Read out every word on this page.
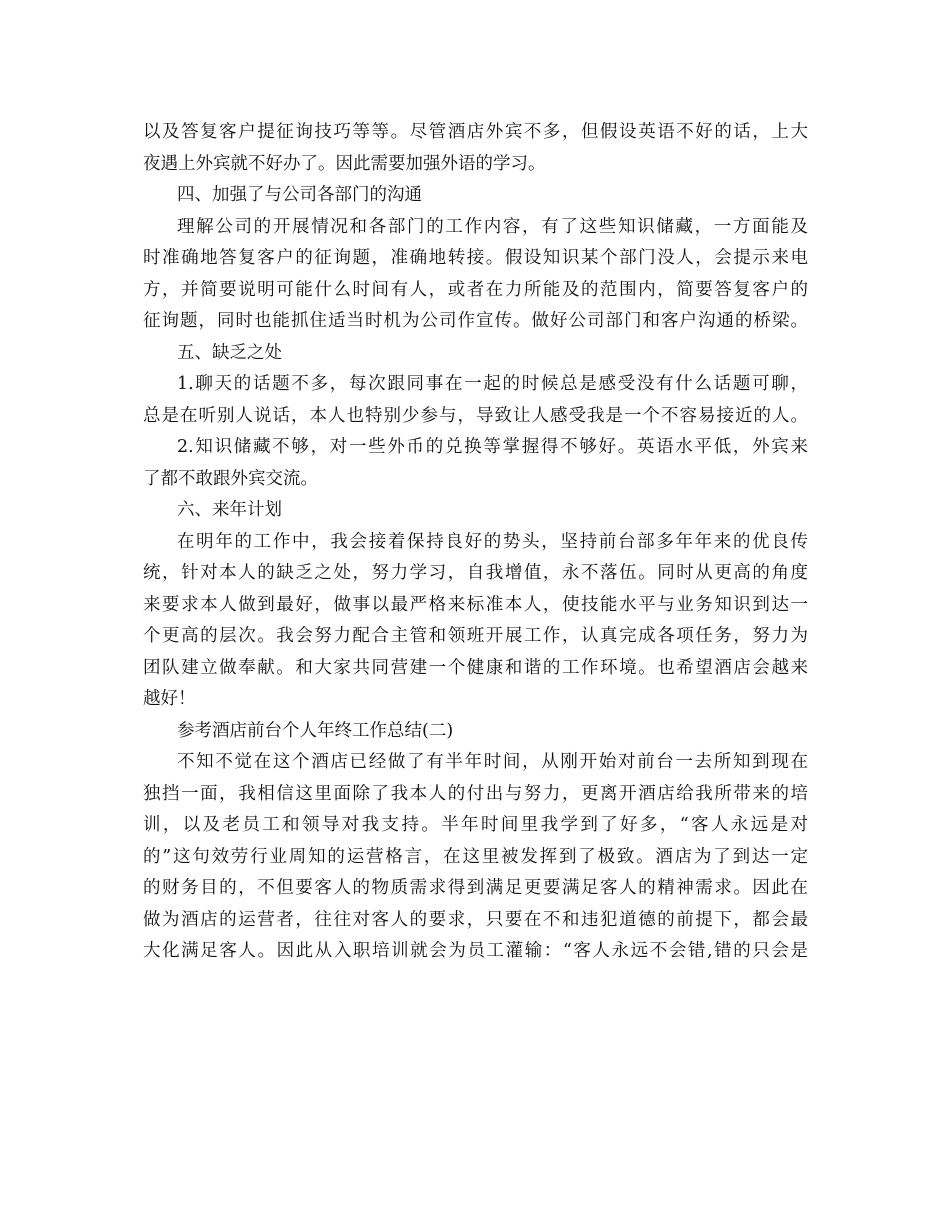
以及答复客户提征询技巧等等。尽管酒店外宾不多，但假设英语不好的话，上大
夜遇上外宾就不好办了。因此需要加强外语的学习。
四、加强了与公司各部门的沟通
理解公司的开展情况和各部门的工作内容，有了这些知识储藏，一方面能及
时准确地答复客户的征询题，准确地转接。假设知识某个部门没人，会提示来电
方，并简要说明可能什么时间有人，或者在力所能及的范围内，简要答复客户的
征询题，同时也能抓住适当时机为公司作宣传。做好公司部门和客户沟通的桥梁。
五、缺乏之处
1.聊天的话题不多，每次跟同事在一起的时候总是感受没有什么话题可聊，
总是在听别人说话，本人也特别少参与，导致让人感受我是一个不容易接近的人。
2.知识储藏不够，对一些外币的兑换等掌握得不够好。英语水平低，外宾来
了都不敢跟外宾交流。
六、来年计划
在明年的工作中，我会接着保持良好的势头，坚持前台部多年年来的优良传
统，针对本人的缺乏之处，努力学习，自我增值，永不落伍。同时从更高的角度
来要求本人做到最好，做事以最严格来标准本人，使技能水平与业务知识到达一
个更高的层次。我会努力配合主管和领班开展工作，认真完成各项任务，努力为
团队建立做奉献。和大家共同营建一个健康和谐的工作环境。也希望酒店会越来
越好！
参考酒店前台个人年终工作总结(二)
不知不觉在这个酒店已经做了有半年时间，从刚开始对前台一去所知到现在
独挡一面，我相信这里面除了我本人的付出与努力，更离开酒店给我所带来的培
训，以及老员工和领导对我支持。半年时间里我学到了好多，“客人永远是对
的”这句效劳行业周知的运营格言，在这里被发挥到了极致。酒店为了到达一定
的财务目的，不但要客人的物质需求得到满足更要满足客人的精神需求。因此在
做为酒店的运营者，往往对客人的要求，只要在不和违犯道德的前提下，都会最
大化满足客人。因此从入职培训就会为员工灌输：“客人永远不会错,错的只会是
